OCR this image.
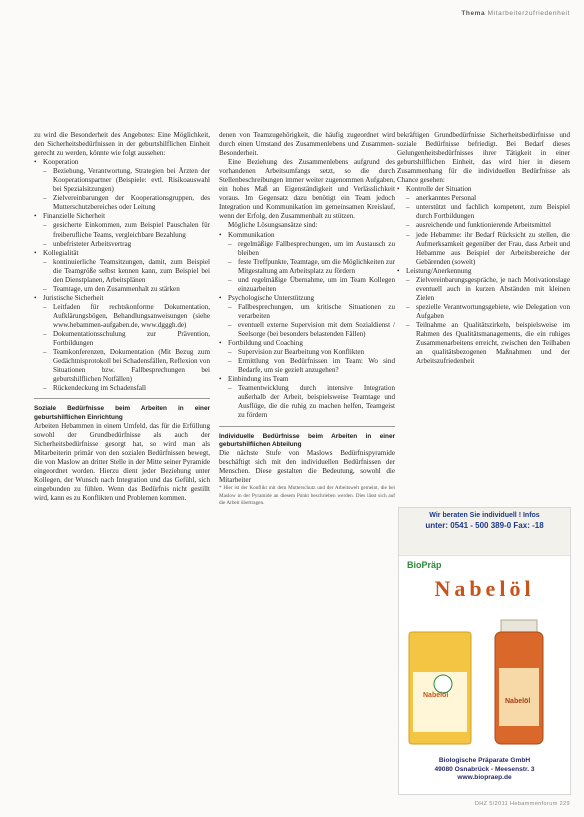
Thema Mitarbeiterzufriedenheit

zu wird die Besonderheit des Angebotes: Eine Möglichkeit, den Sicherheitsbedürfnissen in der geburtshilflichen Einheit gerecht zu werden, könnte wie folgt aussehen:

• Kooperation
– Beziehung, Verantwortung, Strategien bei Ärzten der Kooperationspartner (Beispiele: evtl. Risikoauswahl bei Spezialsitzungen)
– Zielvereinbarungen der Kooperationsgruppen, des Mutterschutzbereiches oder Leitung
• Finanzielle Sicherheit
– gesicherte Einkommen, zum Beispiel Pauschalen für freiberufliche Teams, vergleichbare Bezahlung
– unbefristeter Arbeitsvertrag
• Kollegialität
– kontinuierliche Teamsitzungen, damit, zum Beispiel die Teamgröße selbst kennen kann, zum Beispiel bei den Dienstplanen, Arbeitsplänen
– Teamtage, um den Zusammenhalt zu stärken
• Juristische Sicherheit
– Leitfaden für rechtskonforme Dokumentation, Aufklärungsbögen, Behandlungsanweisungen (siehe www.hebammen-aufgaben.de, www.dgggh.de)
– Dokumentationsschulung zur Prävention, Fortbildungen
– Teamkonferenzen, Dokumentation (Mit Bezug zum Gedächtnisprotokoll bei Schadensfällen, Reflexion von Situationen bzw. Fallbesprechungen bei geburtshilflichen Notfällen)
– Rückendeckung im Schadensfall
Soziale Bedürfnisse beim Arbeiten in einer geburtshilflichen Einrichtung

Arbeiten Hebammen in einem Umfeld, das für die Erfüllung sowohl der Grundbedürfnisse als auch der Sicherheitsbedürfnisse gesorgt hat, so wird man als Mitarbeiterin primär von den sozialen Bedürfnissen bewegt, die von Maslow an dritter Stelle in der Mitte seiner Pyramide eingeordnet worden. Hierzu dient jeder Beziehung unter Kollegen, der Wunsch nach Integration und das Gefühl, sich eingebunden zu fühlen. Wenn das Bedürfnis nicht gestillt wird, kann es zu Konflikten und Problemen kommen.

denen von Teamzugehörigkeit, die häufig zugeordnet wird durch einen Umstand des Zusammenlebens und Zusammen-Besonderheit.

Eine Beziehung des Zusammenlebens aufgrund des vorhandenen Arbeitsumfangs setzt, so die durch Stellenbeschreibungen immer weiter zugenommen Aufgaben, ein hohes Maß an Eigenständigkeit und Verlässlichkeit voraus. Im Gegensatz dazu benötigt ein Team jedoch Integration und Kommunikation im gemeinsamen Kreislauf, wenn der Erfolg, den Zusammenhalt zu stützen.

Mögliche Lösungsansätze sind:

• Kommunikation
– regelmäßige Fallbesprechungen, um im Austausch zu bleiben
– feste Treffpunkte, Teamtage, um die Möglichkeiten zur Mitgestaltung am Arbeitsplatz zu fördern
– und regelmäßige Übernahme, um im Team Kollegen einzuarbeiten
• Psychologische Unterstützung
– Fallbesprechungen, um kritische Situationen zu verarbeiten
– eventuell externe Supervision mit dem Sozialdienst / Seelsorge (bei besonders belastenden Fällen)
• Fortbildung und Coaching
– Supervision zur Bearbeitung von Konflikten
– Ermittlung von Bedürfnissen im Team: Wo sind Bedarfe, um sie gezielt anzugehen?
• Einbindung ins Team
– Teamentwicklung durch intensive Integration außerhalb der Arbeit, beispielsweise Teamtage und Ausflüge, die die ruhig zu machen helfen, Teamgeist zu fördern
Individuelle Bedürfnisse beim Arbeiten in einer geburtshilflichen Abteilung

Die nächste Stufe von Maslows Bedürfnispyramide beschäftigt sich mit den individuellen Bedürfnissen der Menschen. Diese gestalten die Bedeutung, sowohl die Mitarbeiter

* Hier ist der Konflikt mit dem Mutterschutz und der Arbeitswelt gemeint, die bei Maslow in der Pyramide an diesem Punkt beschrieben werden. Dies lässt sich auf die Arbeit übertragen.

bekräftigen Grundbedürfnisse Sicherheitsbedürfnisse und soziale Bedürfnisse befriedigt. Bei Bedarf dieses Gelungenheitsbedürfnisses ihrer Tätigkeit in einer geburtshilflichen Einheit, das wird hier in diesem Zusammenhang für die individuellen Bedürfnisse als Chance gesehen:

• Kontrolle der Situation
– anerkanntes Personal
– unterstützt und fachlich kompetent, zum Beispiel durch Fortbildungen
– ausreichende und funktionierende Arbeitsmittel
– jede Hebamme: ihr Bedarf Rücksicht zu stellen, die Aufmerksamkeit gegenüber der Frau, dass Arbeit und Hebamme aus Beispiel der Arbeitsbereiche der Gebärenden (soweit)
• Leistung/Anerkennung
– Zielvereinbarungsgespräche, je nach Motivationslage eventuell auch in kurzen Abständen mit kleinen Zielen
– spezielle Verantwortungsgebiete, wie Delegation von Aufgaben
– Teilnahme an Qualitätszirkeln, beispielsweise im Rahmen des Qualitätsmanagements, die ein ruhiges Zusammenarbeitens erreicht, zwischen den Teilhaben an qualitätsbezogenen Maßnahmen und der Arbeitszufriedenheit
Wir beraten Sie individuell ! Infos
unter: 0541 - 500 389-0 Fax: -18
BioPräp
Nabelöl
Nabelöl
Nabelöl
Biologische Präparate GmbH
49080 Osnabrück - Meesenstr. 3
www.biopraep.de
DHZ 5/2011 Hebammenforum 229
